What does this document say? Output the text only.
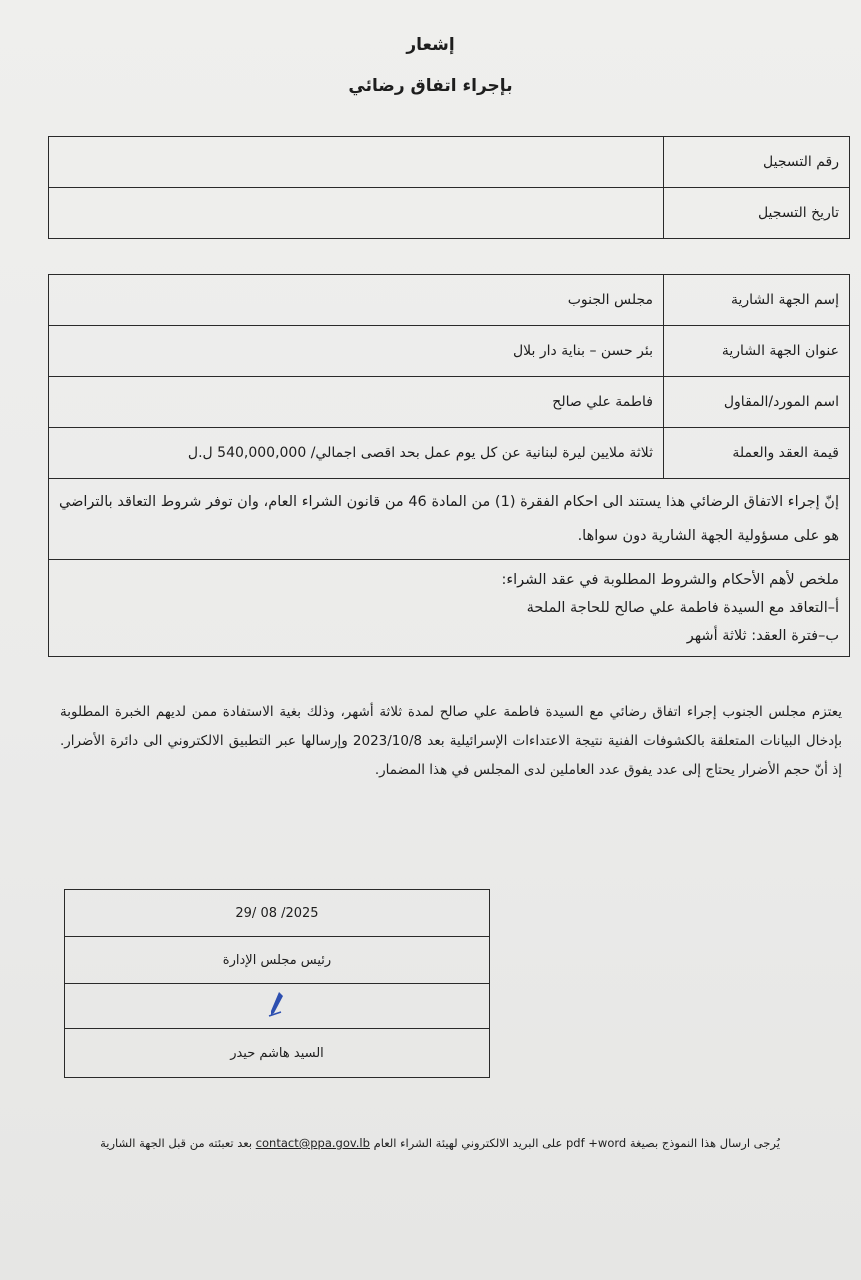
إشعار
بإجراء اتفاق رضائي
رقم التسجيل	
تاريخ التسجيل	
إسم الجهة الشارية	مجلس الجنوب
عنوان الجهة الشارية	بئر حسن – بناية دار بلال
اسم المورد/المقاول	فاطمة علي صالح
قيمة العقد والعملة	ثلاثة ملايين ليرة لبنانية عن كل يوم عمل بحد اقصى اجمالي/ 540,000,000 ل.ل
إنّ إجراء الاتفاق الرضائي هذا يستند الى احكام الفقرة (1) من المادة 46 من قانون الشراء العام، وان توفر شروط التعاقد بالتراضي هو على مسؤولية الجهة الشارية دون سواها.	

ملخص لأهم الأحكام والشروط المطلوبة في عقد الشراء:
أ–التعاقد مع السيدة فاطمة علي صالح للحاجة الملحة
ب–فترة العقد: ثلاثة أشهر	
يعتزم مجلس الجنوب إجراء اتفاق رضائي مع السيدة فاطمة علي صالح لمدة ثلاثة أشهر، وذلك بغية الاستفادة ممن لديهم الخبرة المطلوبة بإدخال البيانات المتعلقة بالكشوفات الفنية نتيجة الاعتداءات الإسرائيلية بعد 2023/10/8 وإرسالها عبر التطبيق الالكتروني الى دائرة الأضرار. إذ أنّ حجم الأضرار يحتاج إلى عدد يفوق عدد العاملين لدى المجلس في هذا المضمار.
29/ 08 /2025
رئيس مجلس الإدارة

السيد هاشم حيدر
يُرجى ارسال هذا النموذج بصيغة pdf +word على البريد الالكتروني لهيئة الشراء العام contact@ppa.gov.lb بعد تعبئته من قبل الجهة الشارية
